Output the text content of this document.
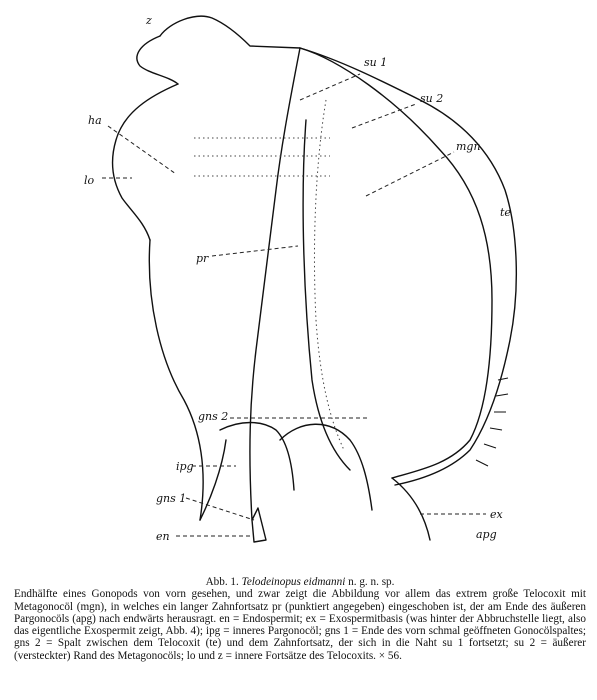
z
su 1
su 2
ha
mgn
lo
te
pr
gns 2
ipg
gns 1
ex
en	apg
Abb. 1. Telodeinopus eidmanni n. g. n. sp.
Endhälfte eines Gonopods von vorn gesehen, und zwar zeigt die Abbildung vor allem das extrem große Telocoxit mit Metagonocöl (mgn), in welches ein langer Zahnfortsatz pr (punktiert angegeben) eingeschoben ist, der am Ende des äußeren Pargonocöls (apg) nach endwärts herausragt. en = Endospermit; ex = Exospermitbasis (was hinter der Abbruchstelle liegt, also das eigentliche Exospermit zeigt, Abb. 4); ipg = inneres Pargonocöl; gns 1 = Ende des vorn schmal geöffneten Gonocölspaltes; gns 2 = Spalt zwischen dem Telocoxit (te) und dem Zahnfortsatz, der sich in die Naht su 1 fortsetzt; su 2 = äußerer (versteckter) Rand des Metagonocöls; lo und z = innere Fortsätze des Telocoxits. × 56.
